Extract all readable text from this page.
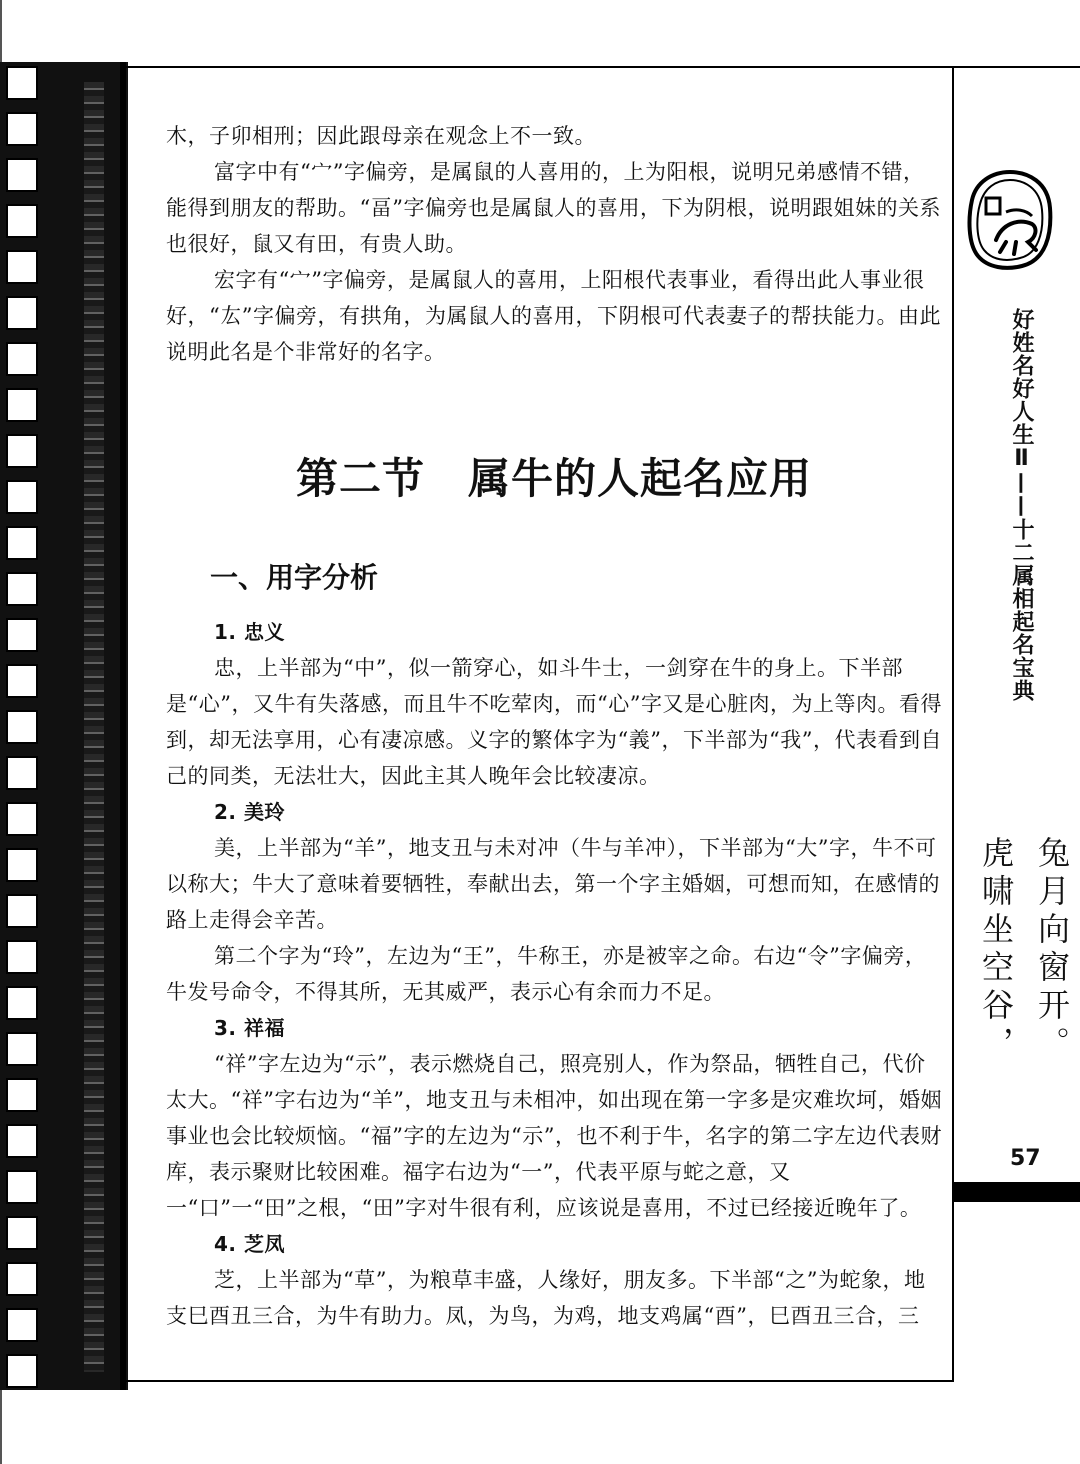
木，子卯相刑；因此跟母亲在观念上不一致。

富字中有“宀”字偏旁，是属鼠的人喜用的，上为阳根，说明兄弟感情不错，能得到朋友的帮助。“畐”字偏旁也是属鼠人的喜用，下为阴根，说明跟姐妹的关系也很好，鼠又有田，有贵人助。

宏字有“宀”字偏旁，是属鼠人的喜用，上阳根代表事业，看得出此人事业很好，“厷”字偏旁，有拱角，为属鼠人的喜用，下阴根可代表妻子的帮扶能力。由此说明此名是个非常好的名字。

第二节　属牛的人起名应用
一、用字分析

1. 忠义

忠，上半部为“中”，似一箭穿心，如斗牛士，一剑穿在牛的身上。下半部是“心”，又牛有失落感，而且牛不吃荤肉，而“心”字又是心脏肉，为上等肉。看得到，却无法享用，心有凄凉感。义字的繁体字为“義”，下半部为“我”，代表看到自己的同类，无法壮大，因此主其人晚年会比较凄凉。

2. 美玲

美，上半部为“羊”，地支丑与未对冲（牛与羊冲），下半部为“大”字，牛不可以称大；牛大了意味着要牺牲，奉献出去，第一个字主婚姻，可想而知，在感情的路上走得会辛苦。

第二个字为“玲”，左边为“王”，牛称王，亦是被宰之命。右边“令”字偏旁，牛发号命令，不得其所，无其威严，表示心有余而力不足。

3. 祥福

“祥”字左边为“示”，表示燃烧自己，照亮别人，作为祭品，牺牲自己，代价太大。“祥”字右边为“羊”，地支丑与未相冲，如出现在第一字多是灾难坎坷，婚姻事业也会比较烦恼。“福”字的左边为“示”，也不利于牛，名字的第二字左边代表财库，表示聚财比较困难。福字右边为“一”，代表平原与蛇之意，又一“口”一“田”之根，“田”字对牛很有利，应该说是喜用，不过已经接近晚年了。

4. 芝凤

芝，上半部为“草”，为粮草丰盛，人缘好，朋友多。下半部“之”为蛇象，地支巳酉丑三合，为牛有助力。凤，为鸟，为鸡，地支鸡属“酉”，巳酉丑三合，三

好姓名好人生Ⅱ——十二属相起名宝典
兔月向窗开。
虎啸坐空谷，
57
